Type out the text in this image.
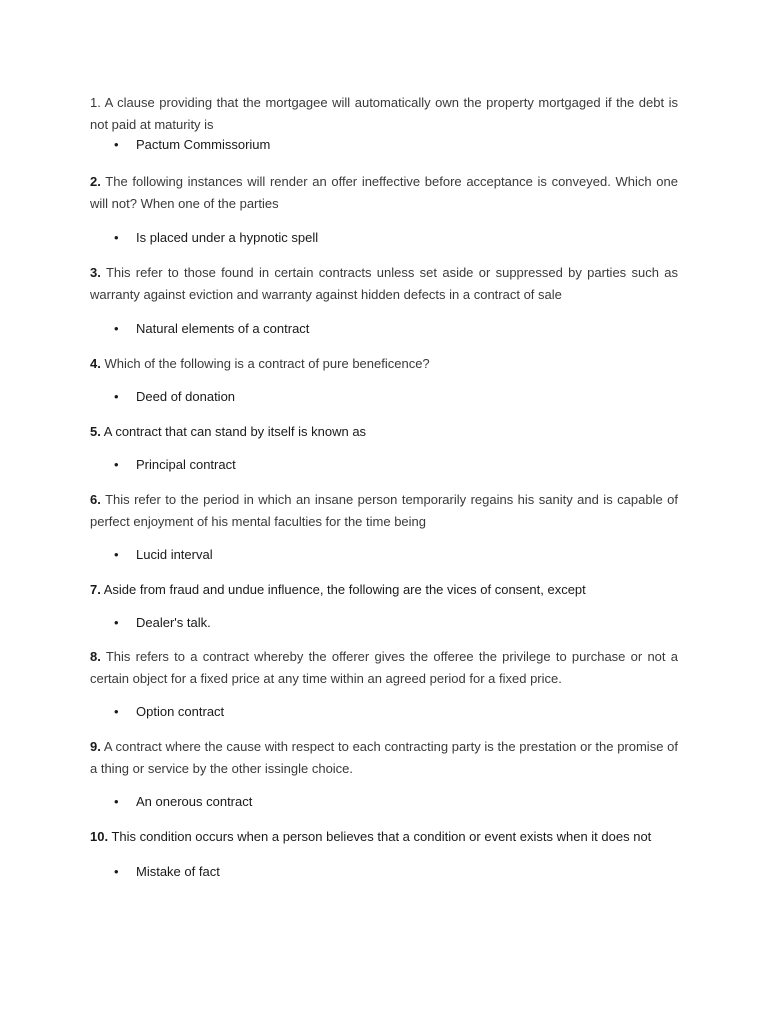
1. A clause providing that the mortgagee will automatically own the property mortgaged if the debt is not paid at maturity is

• Pactum Commissorium

2. The following instances will render an offer ineffective before acceptance is conveyed. Which one will not? When one of the parties

• Is placed under a hypnotic spell

3. This refer to those found in certain contracts unless set aside or suppressed by parties such as warranty against eviction and warranty against hidden defects in a contract of sale

• Natural elements of a contract

4. Which of the following is a contract of pure beneficence?

• Deed of donation

5. A contract that can stand by itself is known as

• Principal contract

6. This refer to the period in which an insane person temporarily regains his sanity and is capable of perfect enjoyment of his mental faculties for the time being

• Lucid interval

7. Aside from fraud and undue influence, the following are the vices of consent, except

• Dealer's talk.

8. This refers to a contract whereby the offerer gives the offeree the privilege to purchase or not a certain object for a fixed price at any time within an agreed period for a fixed price.

• Option contract

9. A contract where the cause with respect to each contracting party is the prestation or the promise of a thing or service by the other issingle choice.

• An onerous contract

10. This condition occurs when a person believes that a condition or event exists when it does not

• Mistake of fact
